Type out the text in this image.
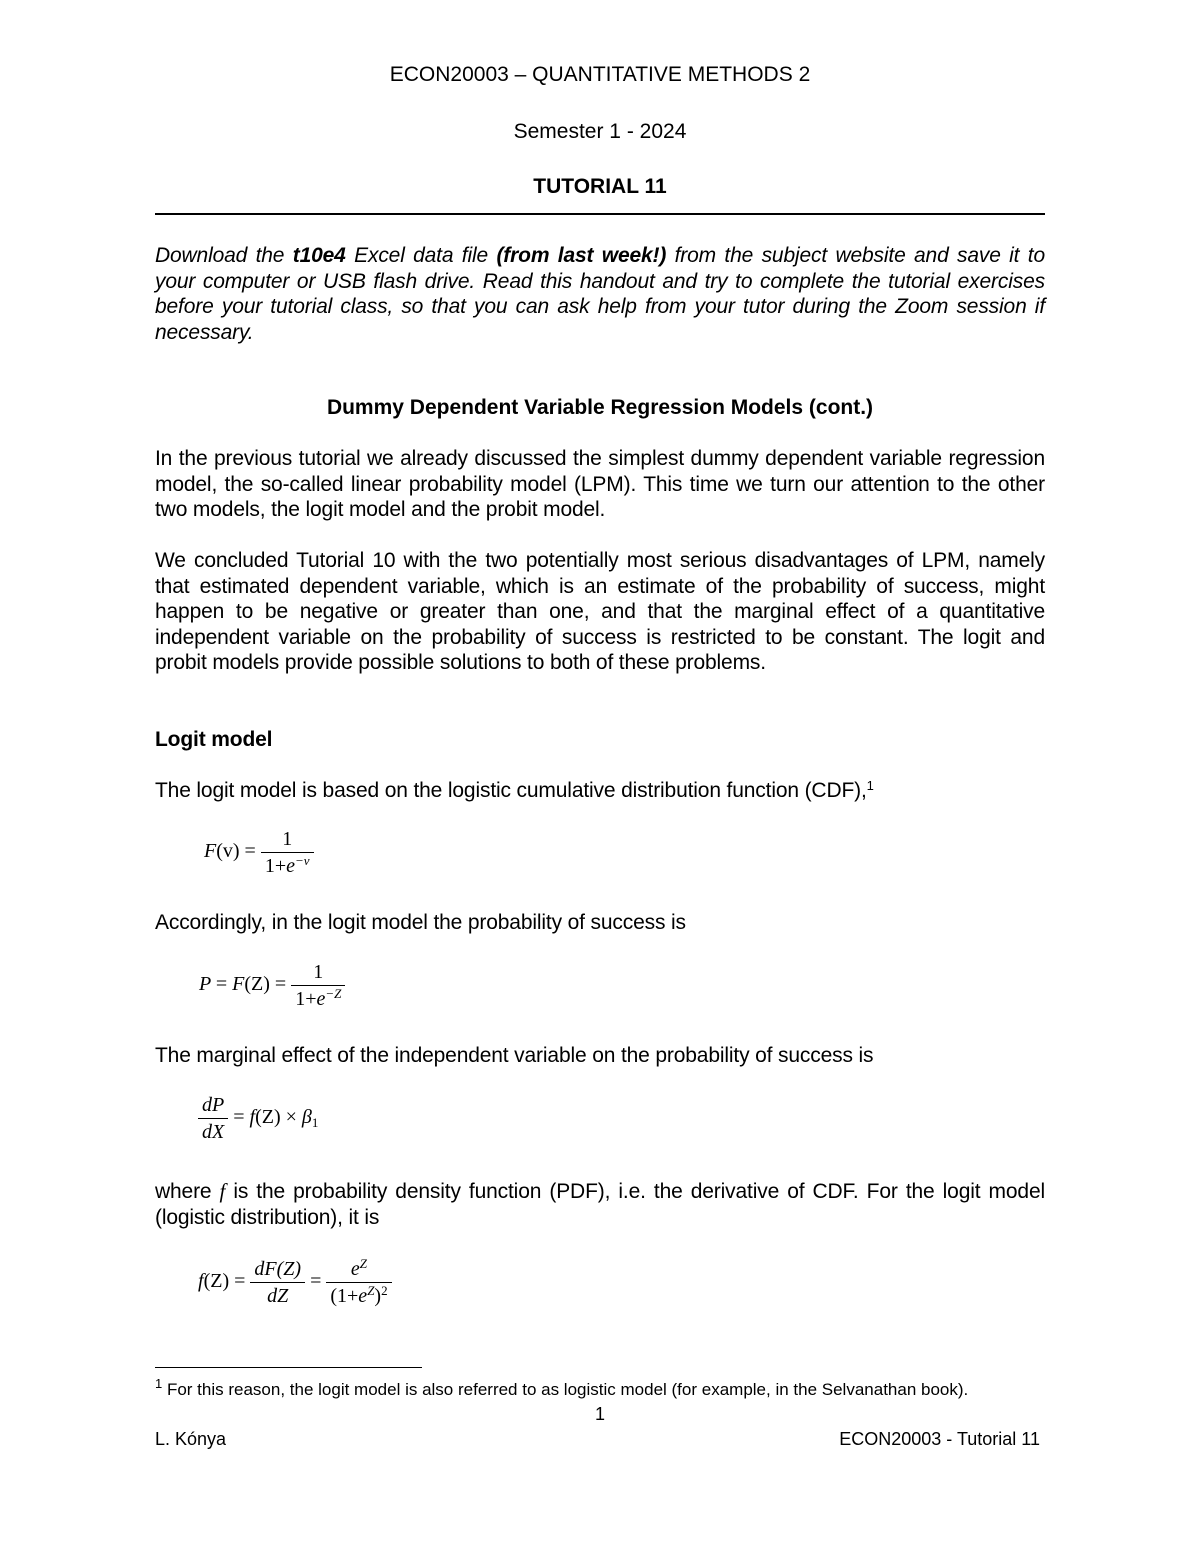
ECON20003 – QUANTITATIVE METHODS 2
Semester 1 - 2024
TUTORIAL 11
Download the t10e4 Excel data file (from last week!) from the subject website and save it to your computer or USB flash drive. Read this handout and try to complete the tutorial exercises before your tutorial class, so that you can ask help from your tutor during the Zoom session if necessary.
Dummy Dependent Variable Regression Models (cont.)
In the previous tutorial we already discussed the simplest dummy dependent variable regression model, the so-called linear probability model (LPM). This time we turn our attention to the other two models, the logit model and the probit model.
We concluded Tutorial 10 with the two potentially most serious disadvantages of LPM, namely that estimated dependent variable, which is an estimate of the probability of success, might happen to be negative or greater than one, and that the marginal effect of a quantitative independent variable on the probability of success is restricted to be constant. The logit and probit models provide possible solutions to both of these problems.
Logit model
The logit model is based on the logistic cumulative distribution function (CDF),$^1$
$F(v) = \frac{1}{1+e^{-v}}$
Accordingly, in the logit model the probability of success is
$P = F(Z) = \frac{1}{1+e^{-Z}}$
The marginal effect of the independent variable on the probability of success is
$\frac{dP}{dX} = f(Z) \times \beta_1$
where f is the probability density function (PDF), i.e. the derivative of CDF. For the logit model (logistic distribution), it is
$f(Z) = \frac{dF(Z)}{dZ} = \frac{e^Z}{(1+e^Z)^2}$
$^1$ For this reason, the logit model is also referred to as logistic model (for example, in the Selvanathan book).
1
L. Kónya	ECON20003 - Tutorial 11
